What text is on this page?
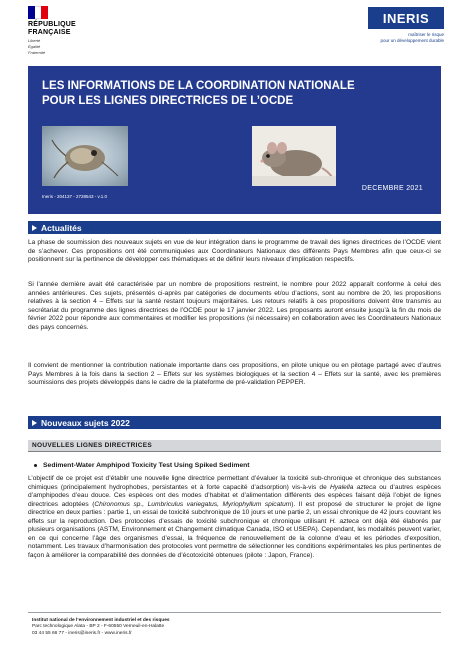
RÉPUBLIQUE
FRANÇAISE
Liberté
Égalité
Fraternité
INERIS
maîtriser le risque
pour un développement durable
LES INFORMATIONS DE LA COORDINATION NATIONALE
POUR LES LIGNES DIRECTRICES DE L’OCDE
Ineris - 204137 - 2728543 - v.1.0
DECEMBRE 2021
Actualités
La phase de soumission des nouveaux sujets en vue de leur intégration dans le programme de travail des lignes directrices de l’OCDE vient de s’achever. Ces propositions ont été communiquées aux Coordinateurs Nationaux des différents Pays Membres afin que ceux-ci se positionnent sur la pertinence de développer ces thématiques et de définir leurs niveaux d’implication respectifs.
Si l’année dernière avait été caractérisée par un nombre de propositions restreint, le nombre pour 2022 apparaît conforme à celui des années antérieures. Ces sujets, présentés ci-après par catégories de documents et/ou d’actions, sont au nombre de 20, les propositions relatives à la section 4 – Effets sur la santé restant toujours majoritaires. Les retours relatifs à ces propositions doivent être transmis au secrétariat du programme des lignes directrices de l’OCDE pour le 17 janvier 2022. Les proposants auront ensuite jusqu’à la fin du mois de février 2022 pour répondre aux commentaires et modifier les propositions (si nécessaire) en collaboration avec les Coordinateurs Nationaux des pays concernés.
Il convient de mentionner la contribution nationale importante dans ces propositions, en pilote unique ou en pilotage partagé avec d’autres Pays Membres à la fois dans la section 2 – Effets sur les systèmes biologiques et la section 4 – Effets sur la santé, avec les premières soumissions des projets développés dans le cadre de la plateforme de pré-validation PEPPER.
Nouveaux sujets 2022
NOUVELLES LIGNES DIRECTRICES
Sediment-Water Amphipod Toxicity Test Using Spiked Sediment
L’objectif de ce projet est d’établir une nouvelle ligne directrice permettant d’évaluer la toxicité sub-chronique et chronique des substances chimiques (principalement hydrophobes, persistantes et à forte capacité d’adsorption) vis-à-vis de Hyalella azteca ou d’autres espèces d’amphipodes d’eau douce. Ces espèces ont des modes d’habitat et d’alimentation différents des espèces faisant déjà l’objet de lignes directrices adoptées (Chironomus sp., Lumbriculus variegatus, Myriophyllum spicatum). Il est proposé de structurer le projet de ligne directrice en deux parties : partie 1, un essai de toxicité subchronique de 10 jours et une partie 2, un essai chronique de 42 jours couvrant les effets sur la reproduction. Des protocoles d’essais de toxicité subchronique et chronique utilisant H. azteca ont déjà été élaborés par plusieurs organisations (ASTM, Environnement et Changement climatique Canada, ISO et USEPA). Cependant, les modalités peuvent varier, en ce qui concerne l’âge des organismes d’essai, la fréquence de renouvellement de la colonne d’eau et les périodes d’exposition, notamment. Les travaux d’harmonisation des protocoles vont permettre de sélectionner les conditions expérimentales les plus pertinentes de façon à améliorer la comparabilité des données de d’écotoxicité obtenues (pilote : Japon, France).
Institut national de l’environnement industriel et des risques
Parc technologique Alata - BP 2 - F-60550 Verneuil-en-Halatte
03 44 55 66 77 - ineris@ineris.fr - www.ineris.fr
